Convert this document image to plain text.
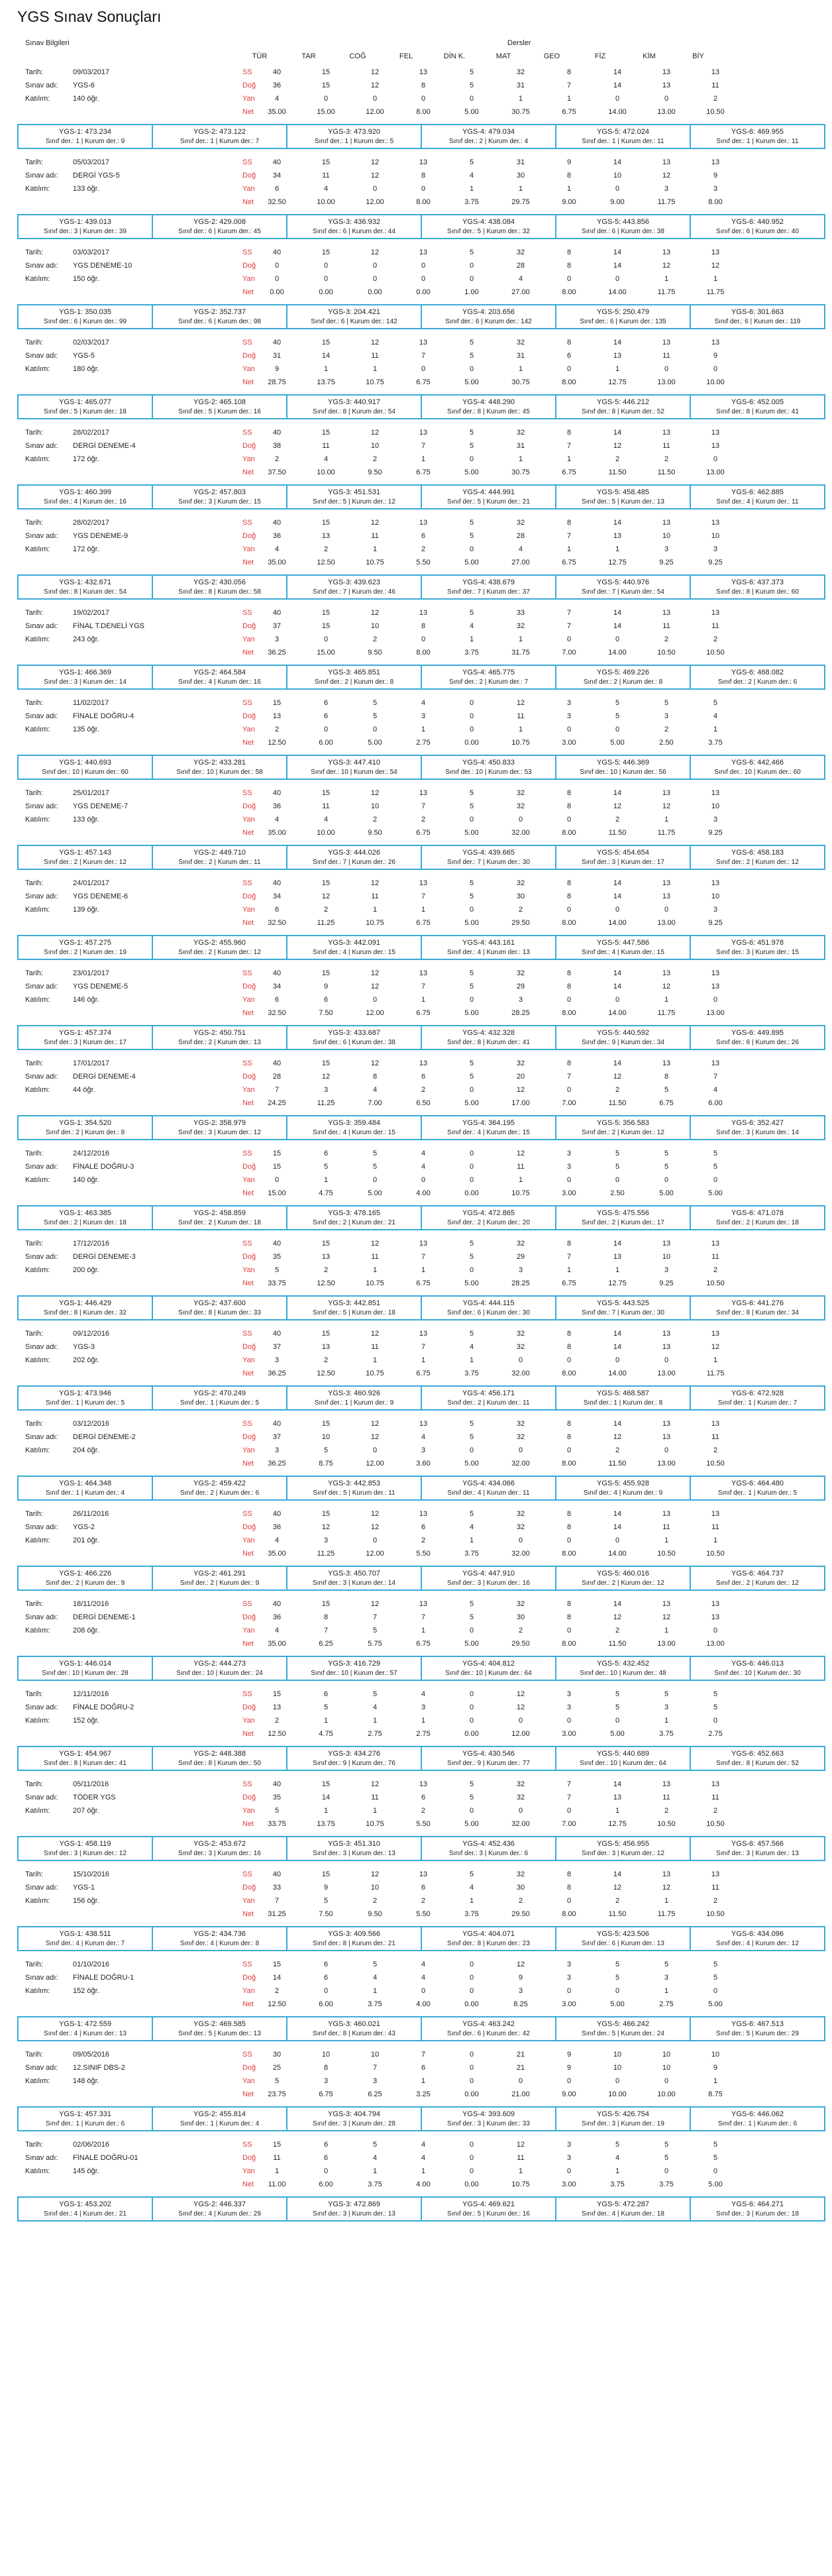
YGS Sınav Sonuçları
Sınav Bilgileri	Dersler
TÜR	TAR	COĞ	FEL	DİN K.	MAT	GEO	FİZ	KİM	BİY
Tarih:	09/03/2017
Sınav adı: YGS-6
Katılım:	140 öğr.
SS	40	15	12	13	5	32	8	14	13	13
Doğ	36	15	12	8	5	31	7	14	13	11
Yan	4	0	0	0	0	1	1	0	0	2
Net	35.00	15.00	12.00	8.00	5.00	30.75	6.75	14.00	13.00	10.50
YGS-1: 473.234
Sınıf der.: 1 | Kurum der.: 9
YGS-2: 473.122
Sınıf der.: 1 | Kurum der.: 7
YGS-3: 473.920
Sınıf der.: 1 | Kurum der.: 5
YGS-4: 479.034
Sınıf der.: 2 | Kurum der.: 4
YGS-5: 472.024
Sınıf der.: 1 | Kurum der.: 11
YGS-6: 469.955
Sınıf der.: 1 | Kurum der.: 11
Tarih:	05/03/2017
Sınav adı: DERGİ YGS-5
Katılım:	133 öğr.
SS	40	15	12	13	5	31	9	14	13	13
Doğ	34	11	12	8	4	30	8	10	12	9
Yan	6	4	0	0	1	1	1	0	3	3
Net	32.50	10.00	12.00	8.00	3.75	29.75	9.00	9.00	11.75	8.00
YGS-1: 439.013
Sınıf der.: 3 | Kurum der.: 39
YGS-2: 429.008
Sınıf der.: 6 | Kurum der.: 45
YGS-3: 436.932
Sınıf der.: 6 | Kurum der.: 44
YGS-4: 438.084
Sınıf der.: 5 | Kurum der.: 32
YGS-5: 443.856
Sınıf der.: 6 | Kurum der.: 38
YGS-6: 440.952
Sınıf der.: 6 | Kurum der.: 40
Tarih:	03/03/2017
Sınav adı: YGS DENEME-10
Katılım:	150 öğr.
SS	40	15	12	13	5	32	8	14	13	13
Doğ	0	0	0	0	0	28	8	14	12	12
Yan	0	0	0	0	0	4	0	0	1	1
Net	0.00	0.00	0.00	0.00	1.00	27.00	8.00	14.00	11.75	11.75
YGS-1: 350.035
Sınıf der.: 6 | Kurum der.: 99
YGS-2: 352.737
Sınıf der.: 6 | Kurum der.: 98
YGS-3: 204.421
Sınıf der.: 6 | Kurum der.: 142
YGS-4: 203.656
Sınıf der.: 6 | Kurum der.: 142
YGS-5: 250.479
Sınıf der.: 6 | Kurum der.: 135
YGS-6: 301.663
Sınıf der.: 6 | Kurum der.: 119
Tarih:	02/03/2017
Sınav adı: YGS-5
Katılım:	180 öğr.
SS	40	15	12	13	5	32	8	14	13	13
Doğ	31	14	11	7	5	31	6	13	11	9
Yan	9	1	1	0	0	1	0	1	0	0
Net	28.75	13.75	10.75	6.75	5.00	30.75	8.00	12.75	13.00	10.00
YGS-1: 465.077
Sınıf der.: 5 | Kurum der.: 18
YGS-2: 465.108
Sınıf der.: 5 | Kurum der.: 16
YGS-3: 440.917
Sınıf der.: 8 | Kurum der.: 54
YGS-4: 448.290
Sınıf der.: 8 | Kurum der.: 45
YGS-5: 446.212
Sınıf der.: 8 | Kurum der.: 52
YGS-6: 452.005
Sınıf der.: 8 | Kurum der.: 41
Tarih:	28/02/2017
Sınav adı: DERGİ DENEME-4
Katılım:	172 öğr.
SS	40	15	12	13	5	32	8	14	13	13
Doğ	38	11	10	7	5	31	7	12	11	13
Yan	2	4	2	1	0	1	1	2	2	0
Net	37.50	10.00	9.50	6.75	5.00	30.75	6.75	11.50	11.50	13.00
YGS-1: 460.399
Sınıf der.: 4 | Kurum der.: 16
YGS-2: 457.803
Sınıf der.: 3 | Kurum der.: 15
YGS-3: 451.531
Sınıf der.: 5 | Kurum der.: 12
YGS-4: 444.991
Sınıf der.: 5 | Kurum der.: 21
YGS-5: 458.485
Sınıf der.: 5 | Kurum der.: 13
YGS-6: 462.885
Sınıf der.: 4 | Kurum der.: 11
Tarih:	28/02/2017
Sınav adı: YGS DENEME-9
Katılım:	172 öğr.
SS	40	15	12	13	5	32	8	14	13	13
Doğ	36	13	11	6	5	28	7	13	10	10
Yan	4	2	1	2	0	4	1	1	3	3
Net	35.00	12.50	10.75	5.50	5.00	27.00	6.75	12.75	9.25	9.25
YGS-1: 432.671
Sınıf der.: 8 | Kurum der.: 54
YGS-2: 430.056
Sınıf der.: 8 | Kurum der.: 58
YGS-3: 439.623
Sınıf der.: 7 | Kurum der.: 46
YGS-4: 438.679
Sınıf der.: 7 | Kurum der.: 37
YGS-5: 440.976
Sınıf der.: 7 | Kurum der.: 54
YGS-6: 437.373
Sınıf der.: 8 | Kurum der.: 60
Tarih:	19/02/2017
Sınav adı: FİNAL T.DENELİ YGS
Katılım:	243 öğr.
SS	40	15	12	13	5	33	7	14	13	13
Doğ	37	15	10	8	4	32	7	14	11	11
Yan	3	0	2	0	1	1	0	0	2	2
Net	36.25	15.00	9.50	8.00	3.75	31.75	7.00	14.00	10.50	10.50
YGS-1: 466.369
Sınıf der.: 3 | Kurum der.: 14
YGS-2: 464.584
Sınıf der.: 4 | Kurum der.: 16
YGS-3: 465.851
Sınıf der.: 2 | Kurum der.: 8
YGS-4: 465.775
Sınıf der.: 2 | Kurum der.: 7
YGS-5: 469.226
Sınıf der.: 2 | Kurum der.: 8
YGS-6: 468.082
Sınıf der.: 2 | Kurum der.: 6
Tarih:	11/02/2017
Sınav adı: FİNALE DOĞRU-4
Katılım:	135 öğr.
SS	15	6	5	4	0	12	3	5	5	5
Doğ	13	6	5	3	0	11	3	5	3	4
Yan	2	0	0	1	0	1	0	0	2	1
Net	12.50	6.00	5.00	2.75	0.00	10.75	3.00	5.00	2.50	3.75
YGS-1: 440.693
Sınıf der.: 10 | Kurum der.: 60
YGS-2: 433.281
Sınıf der.: 10 | Kurum der.: 58
YGS-3: 447.410
Sınıf der.: 10 | Kurum der.: 54
YGS-4: 450.833
Sınıf der.: 10 | Kurum der.: 53
YGS-5: 446.369
Sınıf der.: 10 | Kurum der.: 56
YGS-6: 442.466
Sınıf der.: 10 | Kurum der.: 60
Tarih:	25/01/2017
Sınav adı: YGS DENEME-7
Katılım:	133 öğr.
SS	40	15	12	13	5	32	8	14	13	13
Doğ	36	11	10	7	5	32	8	12	12	10
Yan	4	4	2	2	0	0	0	2	1	3
Net	35.00	10.00	9.50	6.75	5.00	32.00	8.00	11.50	11.75	9.25
YGS-1: 457.143
Sınıf der.: 2 | Kurum der.: 12
YGS-2: 449.710
Sınıf der.: 2 | Kurum der.: 11
YGS-3: 444.026
Sınıf der.: 7 | Kurum der.: 26
YGS-4: 439.665
Sınıf der.: 7 | Kurum der.: 30
YGS-5: 454.654
Sınıf der.: 3 | Kurum der.: 17
YGS-6: 458.183
Sınıf der.: 2 | Kurum der.: 12
Tarih:	24/01/2017
Sınav adı: YGS DENEME-6
Katılım:	139 öğr.
SS	40	15	12	13	5	32	8	14	13	13
Doğ	34	12	11	7	5	30	8	14	13	10
Yan	6	2	1	1	0	2	0	0	0	3
Net	32.50	11.25	10.75	6.75	5.00	29.50	8.00	14.00	13.00	9.25
YGS-1: 457.275
Sınıf der.: 2 | Kurum der.: 19
YGS-2: 455.960
Sınıf der.: 2 | Kurum der.: 12
YGS-3: 442.091
Sınıf der.: 4 | Kurum der.: 15
YGS-4: 443.161
Sınıf der.: 4 | Kurum der.: 13
YGS-5: 447.586
Sınıf der.: 4 | Kurum der.: 15
YGS-6: 451.978
Sınıf der.: 3 | Kurum der.: 15
Tarih:	23/01/2017
Sınav adı: YGS DENEME-5
Katılım:	146 öğr.
SS	40	15	12	13	5	32	8	14	13	13
Doğ	34	9	12	7	5	29	8	14	12	13
Yan	6	6	0	1	0	3	0	0	1	0
Net	32.50	7.50	12.00	6.75	5.00	28.25	8.00	14.00	11.75	13.00
YGS-1: 457.374
Sınıf der.: 3 | Kurum der.: 17
YGS-2: 450.751
Sınıf der.: 2 | Kurum der.: 13
YGS-3: 433.687
Sınıf der.: 6 | Kurum der.: 38
YGS-4: 432.328
Sınıf der.: 8 | Kurum der.: 41
YGS-5: 440.592
Sınıf der.: 9 | Kurum der.: 34
YGS-6: 449.895
Sınıf der.: 6 | Kurum der.: 26
Tarih:	17/01/2017
Sınav adı: DERGİ DENEME-4
Katılım:	44 öğr.
SS	40	15	12	13	5	32	8	14	13	13
Doğ	28	12	8	6	5	20	7	12	8	7
Yan	7	3	4	2	0	12	0	2	5	4
Net	24.25	11.25	7.00	6.50	5.00	17.00	7.00	11.50	6.75	6.00
YGS-1: 354.520
Sınıf der.: 2 | Kurum der.: 8
YGS-2: 358.979
Sınıf der.: 3 | Kurum der.: 12
YGS-3: 359.484
Sınıf der.: 4 | Kurum der.: 15
YGS-4: 364.195
Sınıf der.: 4 | Kurum der.: 15
YGS-5: 356.583
Sınıf der.: 2 | Kurum der.: 12
YGS-6: 352.427
Sınıf der.: 3 | Kurum der.: 14
Tarih:	24/12/2016
Sınav adı: FİNALE DOĞRU-3
Katılım:	140 öğr.
SS	15	6	5	4	0	12	3	5	5	5
Doğ	15	5	5	4	0	11	3	5	5	5
Yan	0	1	0	0	0	1	0	0	0	0
Net	15.00	4.75	5.00	4.00	0.00	10.75	3.00	2.50	5.00	5.00
YGS-1: 463.385
Sınıf der.: 2 | Kurum der.: 18
YGS-2: 458.859
Sınıf der.: 2 | Kurum der.: 18
YGS-3: 478.165
Sınıf der.: 2 | Kurum der.: 21
YGS-4: 472.865
Sınıf der.: 2 | Kurum der.: 20
YGS-5: 475.556
Sınıf der.: 2 | Kurum der.: 17
YGS-6: 471.078
Sınıf der.: 2 | Kurum der.: 18
Tarih:	17/12/2016
Sınav adı: DERGİ DENEME-3
Katılım:	200 öğr.
SS	40	15	12	13	5	32	8	14	13	13
Doğ	35	13	11	7	5	29	7	13	10	11
Yan	5	2	1	1	0	3	1	1	3	2
Net	33.75	12.50	10.75	6.75	5.00	28.25	6.75	12.75	9.25	10.50
YGS-1: 446.429
Sınıf der.: 8 | Kurum der.: 32
YGS-2: 437.600
Sınıf der.: 8 | Kurum der.: 33
YGS-3: 442.851
Sınıf der.: 5 | Kurum der.: 18
YGS-4: 444.115
Sınıf der.: 6 | Kurum der.: 30
YGS-5: 443.525
Sınıf der.: 7 | Kurum der.: 30
YGS-6: 441.276
Sınıf der.: 8 | Kurum der.: 34
Tarih:	09/12/2016
Sınav adı: YGS-3
Katılım:	202 öğr.
SS	40	15	12	13	5	32	8	14	13	13
Doğ	37	13	11	7	4	32	8	14	13	12
Yan	3	2	1	1	1	0	0	0	0	1
Net	36.25	12.50	10.75	6.75	3.75	32.00	8.00	14.00	13.00	11.75
YGS-1: 473.946
Sınıf der.: 1 | Kurum der.: 5
YGS-2: 470.249
Sınıf der.: 1 | Kurum der.: 5
YGS-3: 460.926
Sınıf der.: 1 | Kurum der.: 9
YGS-4: 456.171
Sınıf der.: 2 | Kurum der.: 11
YGS-5: 468.587
Sınıf der.: 1 | Kurum der.: 8
YGS-6: 472.928
Sınıf der.: 1 | Kurum der.: 7
Tarih:	03/12/2016
Sınav adı: DERGİ DENEME-2
Katılım:	204 öğr.
SS	40	15	12	13	5	32	8	14	13	13
Doğ	37	10	12	4	5	32	8	12	13	11
Yan	3	5	0	3	0	0	0	2	0	2
Net	36.25	8.75	12.00	3.60	5.00	32.00	8.00	11.50	13.00	10.50
YGS-1: 464.348
Sınıf der.: 1 | Kurum der.: 4
YGS-2: 459.422
Sınıf der.: 2 | Kurum der.: 6
YGS-3: 442.853
Sınıf der.: 5 | Kurum der.: 11
YGS-4: 434.066
Sınıf der.: 4 | Kurum der.: 11
YGS-5: 455.928
Sınıf der.: 4 | Kurum der.: 9
YGS-6: 464.480
Sınıf der.: 1 | Kurum der.: 5
Tarih:	26/11/2016
Sınav adı: YGS-2
Katılım:	201 öğr.
SS	40	15	12	13	5	32	8	14	13	13
Doğ	36	12	12	6	4	32	8	14	11	11
Yan	4	3	0	2	1	0	0	0	1	1
Net	35.00	11.25	12.00	5.50	3.75	32.00	8.00	14.00	10.50	10.50
YGS-1: 466.226
Sınıf der.: 2 | Kurum der.: 9
YGS-2: 461.291
Sınıf der.: 2 | Kurum der.: 9
YGS-3: 450.707
Sınıf der.: 3 | Kurum der.: 14
YGS-4: 447.910
Sınıf der.: 3 | Kurum der.: 16
YGS-5: 460.016
Sınıf der.: 2 | Kurum der.: 12
YGS-6: 464.737
Sınıf der.: 2 | Kurum der.: 12
Tarih:	18/11/2016
Sınav adı: DERGİ DENEME-1
Katılım:	208 öğr.
SS	40	15	12	13	5	32	8	14	13	13
Doğ	36	8	7	7	5	30	8	12	12	13
Yan	4	7	5	1	0	2	0	2	1	0
Net	35.00	6.25	5.75	6.75	5.00	29.50	8.00	11.50	13.00	13.00
YGS-1: 446.014
Sınıf der.: 10 | Kurum der.: 28
YGS-2: 444.273
Sınıf der.: 10 | Kurum der.: 24
YGS-3: 416.729
Sınıf der.: 10 | Kurum der.: 57
YGS-4: 404.812
Sınıf der.: 10 | Kurum der.: 64
YGS-5: 432.452
Sınıf der.: 10 | Kurum der.: 48
YGS-6: 446.013
Sınıf der.: 10 | Kurum der.: 30
Tarih:	12/11/2016
Sınav adı: FİNALE DOĞRU-2
Katılım:	152 öğr.
SS	15	6	5	4	0	12	3	5	5	5
Doğ	13	5	4	3	0	12	3	5	3	5
Yan	2	1	1	1	0	0	0	0	1	0
Net	12.50	4.75	2.75	2.75	0.00	12.00	3.00	5.00	3.75	2.75
YGS-1: 454.967
Sınıf der.: 8 | Kurum der.: 41
YGS-2: 448.388
Sınıf der.: 8 | Kurum der.: 50
YGS-3: 434.276
Sınıf der.: 9 | Kurum der.: 76
YGS-4: 430.546
Sınıf der.: 9 | Kurum der.: 77
YGS-5: 440.689
Sınıf der.: 10 | Kurum der.: 64
YGS-6: 452.663
Sınıf der.: 8 | Kurum der.: 52
Tarih:	05/11/2016
Sınav adı: TÖDER YGS
Katılım:	207 öğr.
SS	40	15	12	13	5	32	7	14	13	13
Doğ	35	14	11	6	5	32	7	13	11	11
Yan	5	1	1	2	0	0	0	1	2	2
Net	33.75	13.75	10.75	5.50	5.00	32.00	7.00	12.75	10.50	10.50
YGS-1: 458.119
Sınıf der.: 3 | Kurum der.: 12
YGS-2: 453.672
Sınıf der.: 3 | Kurum der.: 16
YGS-3: 451.310
Sınıf der.: 3 | Kurum der.: 13
YGS-4: 452.436
Sınıf der.: 3 | Kurum der.: 6
YGS-5: 456.955
Sınıf der.: 3 | Kurum der.: 12
YGS-6: 457.566
Sınıf der.: 3 | Kurum der.: 13
Tarih:	15/10/2016
Sınav adı: YGS-1
Katılım:	156 öğr.
SS	40	15	12	13	5	32	8	14	13	13
Doğ	33	9	10	6	4	30	8	12	12	11
Yan	7	5	2	2	1	2	0	2	1	2
Net	31.25	7.50	9.50	5.50	3.75	29.50	8.00	11.50	11.75	10.50
YGS-1: 438.511
Sınıf der.: 4 | Kurum der.: 7
YGS-2: 434.736
Sınıf der.: 4 | Kurum der.: 8
YGS-3: 409.566
Sınıf der.: 8 | Kurum der.: 21
YGS-4: 404.071
Sınıf der.: 8 | Kurum der.: 23
YGS-5: 423.506
Sınıf der.: 6 | Kurum der.: 13
YGS-6: 434.096
Sınıf der.: 4 | Kurum der.: 12
Tarih:	01/10/2016
Sınav adı: FİNALE DOĞRU-1
Katılım:	152 öğr.
SS	15	6	5	4	0	12	3	5	5	5
Doğ	14	6	4	4	0	9	3	5	3	5
Yan	2	0	1	0	0	3	0	0	1	0
Net	12.50	6.00	3.75	4.00	0.00	8.25	3.00	5.00	2.75	5.00
YGS-1: 472.559
Sınıf der.: 4 | Kurum der.: 13
YGS-2: 469.585
Sınıf der.: 5 | Kurum der.: 13
YGS-3: 460.021
Sınıf der.: 8 | Kurum der.: 43
YGS-4: 463.242
Sınıf der.: 6 | Kurum der.: 42
YGS-5: 466.242
Sınıf der.: 5 | Kurum der.: 24
YGS-6: 467.513
Sınıf der.: 5 | Kurum der.: 29
Tarih:	09/05/2016
Sınav adı: 12.SINIF DBS-2
Katılım:	148 öğr.
SS	30	10	10	7	0	21	9	10	10	10
Doğ	25	8	7	6	0	21	9	10	10	9
Yan	5	3	3	1	0	0	0	0	0	1
Net	23.75	6.75	6.25	3.25	0.00	21.00	9.00	10.00	10.00	8.75
YGS-1: 457.331
Sınıf der.: 1 | Kurum der.: 6
YGS-2: 455.814
Sınıf der.: 1 | Kurum der.: 4
YGS-3: 404.794
Sınıf der.: 3 | Kurum der.: 28
YGS-4: 393.609
Sınıf der.: 3 | Kurum der.: 33
YGS-5: 426.754
Sınıf der.: 3 | Kurum der.: 19
YGS-6: 446.062
Sınıf der.: 1 | Kurum der.: 6
Tarih:	02/06/2016
Sınav adı: FİNALE DOĞRU-01
Katılım:	145 öğr.
SS	15	6	5	4	0	12	3	5	5	5
Doğ	11	6	4	4	0	11	3	4	5	5
Yan	1	0	1	1	0	1	0	1	0	0
Net	11.00	6.00	3.75	4.00	0.00	10.75	3.00	3.75	3.75	5.00
YGS-1: 453.202
Sınıf der.: 4 | Kurum der.: 21
YGS-2: 446.337
Sınıf der.: 4 | Kurum der.: 29
YGS-3: 472.869
Sınıf der.: 3 | Kurum der.: 13
YGS-4: 469.621
Sınıf der.: 5 | Kurum der.: 16
YGS-5: 472.287
Sınıf der.: 4 | Kurum der.: 18
YGS-6: 464.271
Sınıf der.: 3 | Kurum der.: 18
